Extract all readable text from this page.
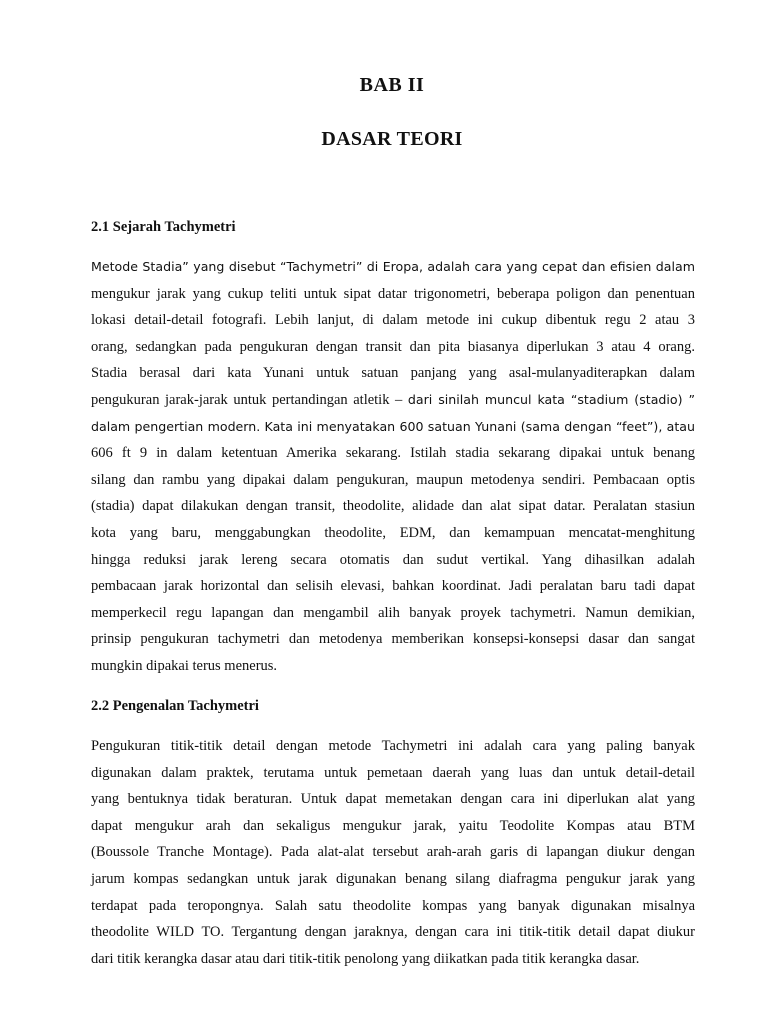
BAB II
DASAR TEORI
2.1 Sejarah Tachymetri
Metode Stadia” yang disebut “Tachymetri” di Eropa, adalah cara yang cepat dan efisien dalam
mengukur jarak yang cukup teliti untuk sipat datar trigonometri, beberapa poligon dan penentuan
lokasi detail-detail fotografi. Lebih lanjut, di dalam metode ini cukup dibentuk regu 2 atau 3
orang, sedangkan pada pengukuran dengan transit dan pita biasanya diperlukan 3 atau 4 orang.
Stadia berasal dari kata Yunani untuk satuan panjang yang asal-mulanyaditerapkan dalam
pengukuran jarak-jarak untuk pertandingan atletik – dari sinilah muncul kata “stadium (stadio) ”
dalam pengertian modern. Kata ini menyatakan 600 satuan Yunani (sama dengan “feet”), atau
606 ft 9 in dalam ketentuan Amerika sekarang. Istilah stadia sekarang dipakai untuk benang
silang dan rambu yang dipakai dalam pengukuran, maupun metodenya sendiri. Pembacaan optis
(stadia) dapat dilakukan dengan transit, theodolite, alidade dan alat sipat datar. Peralatan stasiun
kota yang baru, menggabungkan theodolite, EDM, dan kemampuan mencatat-menghitung
hingga reduksi jarak lereng secara otomatis dan sudut vertikal. Yang dihasilkan adalah
pembacaan jarak horizontal dan selisih elevasi, bahkan koordinat. Jadi peralatan baru tadi dapat
memperkecil regu lapangan dan mengambil alih banyak proyek tachymetri. Namun demikian,
prinsip pengukuran tachymetri dan metodenya memberikan konsepsi-konsepsi dasar dan sangat
mungkin dipakai terus menerus.
2.2 Pengenalan Tachymetri
Pengukuran titik-titik detail dengan metode Tachymetri ini adalah cara yang paling banyak
digunakan dalam praktek, terutama untuk pemetaan daerah yang luas dan untuk detail-detail
yang bentuknya tidak beraturan. Untuk dapat memetakan dengan cara ini diperlukan alat yang
dapat mengukur arah dan sekaligus mengukur jarak, yaitu Teodolite Kompas atau BTM
(Boussole Tranche Montage). Pada alat-alat tersebut arah-arah garis di lapangan diukur dengan
jarum kompas sedangkan untuk jarak digunakan benang silang diafragma pengukur jarak yang
terdapat pada teropongnya. Salah satu theodolite kompas yang banyak digunakan misalnya
theodolite WILD TO. Tergantung dengan jaraknya, dengan cara ini titik-titik detail dapat diukur
dari titik kerangka dasar atau dari titik-titik penolong yang diikatkan pada titik kerangka dasar.
